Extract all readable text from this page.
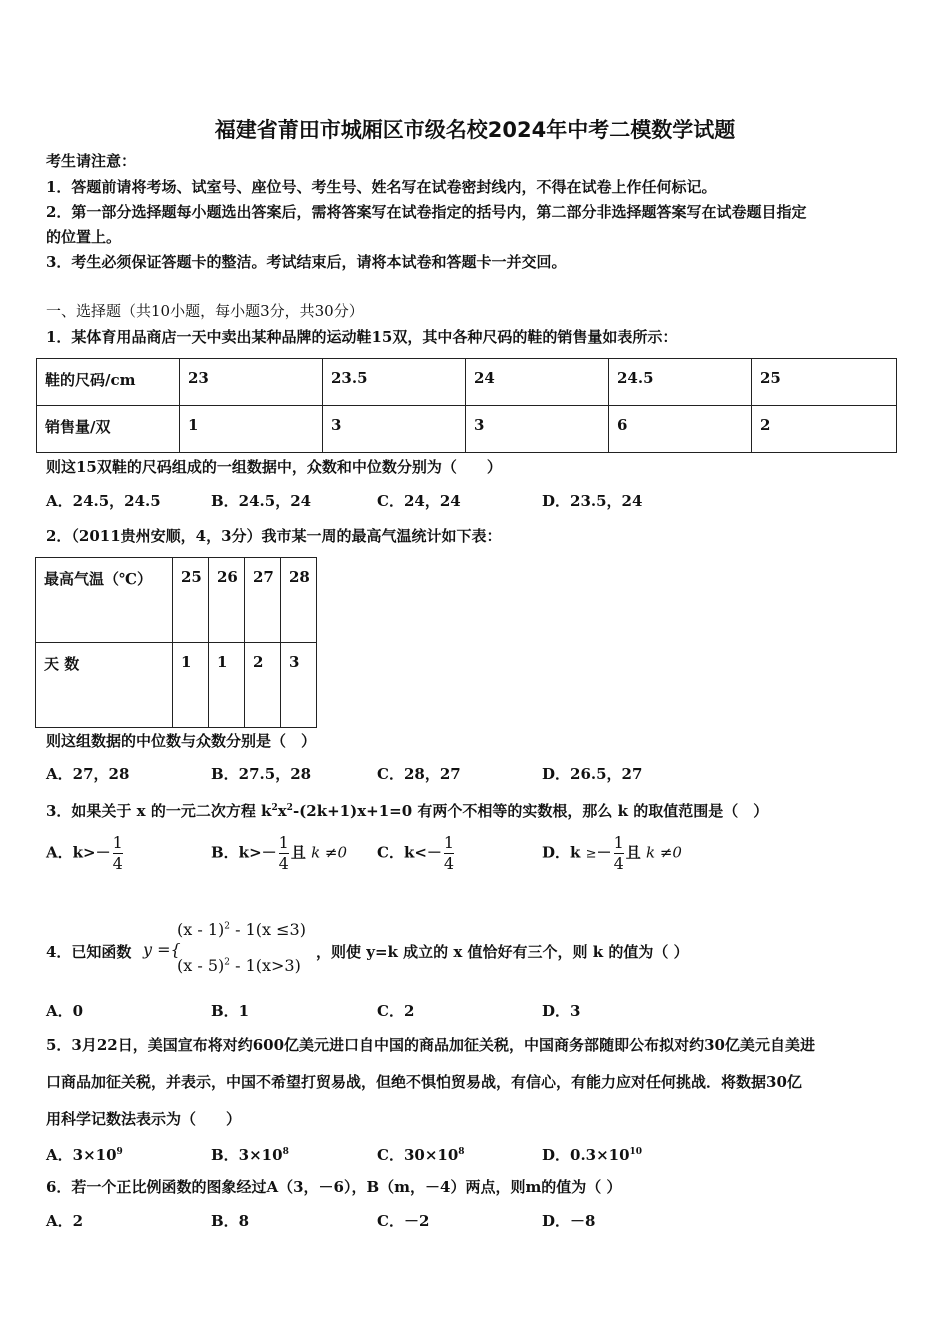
福建省莆田市城厢区市级名校2024年中考二模数学试题
考生请注意：
1．答题前请将考场、试室号、座位号、考生号、姓名写在试卷密封线内，不得在试卷上作任何标记。
2．第一部分选择题每小题选出答案后，需将答案写在试卷指定的括号内，第二部分非选择题答案写在试卷题目指定
的位置上。
3．考生必须保证答题卡的整洁。考试结束后，请将本试卷和答题卡一并交回。
一、选择题（共10小题，每小题3分，共30分）
1．某体育用品商店一天中卖出某种品牌的运动鞋15双，其中各种尺码的鞋的销售量如表所示：
鞋的尺码/cm	23	23.5	24	24.5	25
销售量/双	1	3	3	6	2
则这15双鞋的尺码组成的一组数据中，众数和中位数分别为（　　）
A．24.5，24.5	B．24.5，24	C．24，24	D．23.5，24
2．（2011贵州安顺，4，3分）我市某一周的最高气温统计如下表：
最高气温（℃）	25	26	27	28
天 数	1	1	2	3
则这组数据的中位数与众数分别是（　）
A．27，28	B．27.5，28	C．28，27	D．26.5，27
3．如果关于 x 的一元二次方程 $k^2x^2-(2k+1)x+1=0$ 有两个不相等的实数根，那么 k 的取值范围是（　）
A．$k>- \frac{1}{4}$	B．$k>- \frac{1}{4}$ 且 k ≠0 C．$k<- \frac{1}{4}$	D．$k \ge- \frac{1}{4}$ 且 k ≠0
4．已知函数 y ={
(x - 1)$^2$ - 1(x ≤3)
(x - 5)$^2$ - 1(x>3)
，则使 y=k 成立的 x 值恰好有三个，则 k 的值为（ ）
A．0	B．1	C．2	D．3
5．3月22日，美国宣布将对约600亿美元进口自中国的商品加征关税，中国商务部随即公布拟对约30亿美元自美进
口商品加征关税，并表示，中国不希望打贸易战，但绝不惧怕贸易战，有信心，有能力应对任何挑战．将数据30亿
用科学记数法表示为（　　）
A．$3\times 10^9$	B．$3\times 10^8$	C．$30\times 10^8$	D．$0.3\times 10^{10}$
6．若一个正比例函数的图象经过A（3，－6），B（m，－4）两点，则m的值为（ ）
A．2	B．8	C．－2	D．－8
